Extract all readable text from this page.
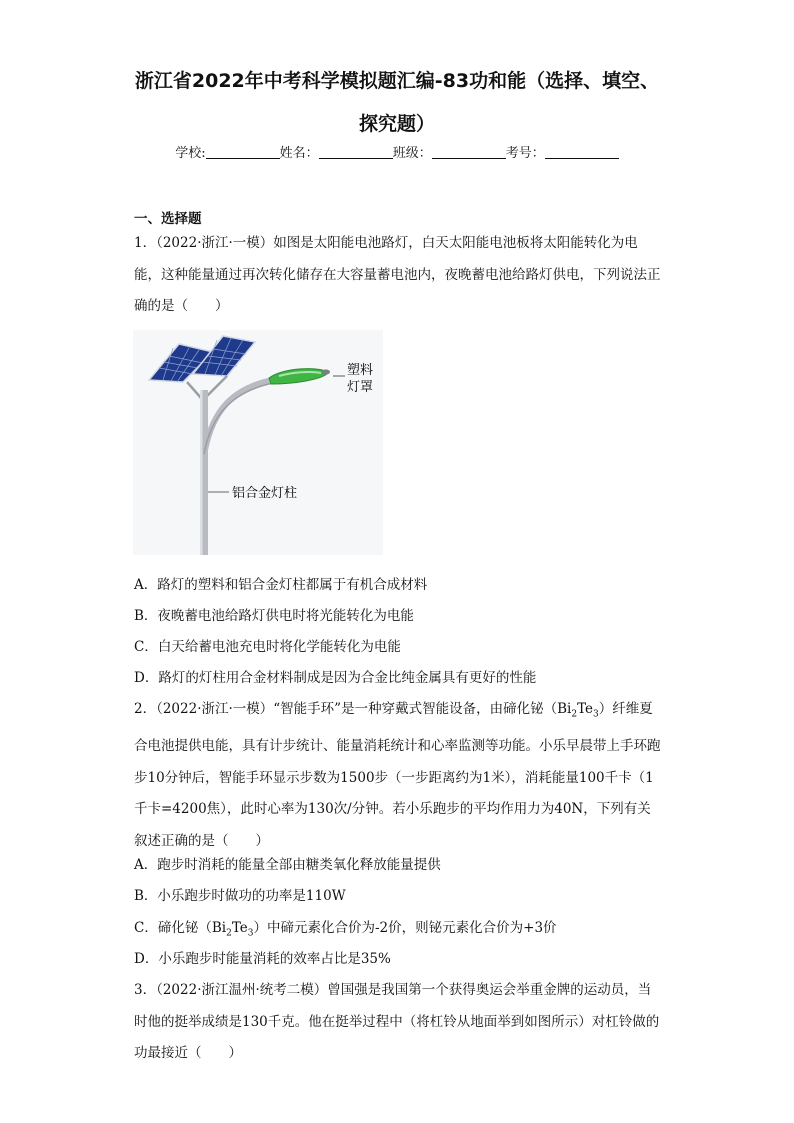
浙江省2022年中考科学模拟题汇编-83功和能（选择、填空、
探究题）
学校:	姓名：	班级：	考号：
一、选择题
1．（2022·浙江·一模）如图是太阳能电池路灯，白天太阳能电池板将太阳能转化为电能，这种能量通过再次转化储存在大容量蓄电池内，夜晚蓄电池给路灯供电，下列说法正确的是（　　）
塑料
灯罩
铝合金灯柱
A．路灯的塑料和铝合金灯柱都属于有机合成材料
B．夜晚蓄电池给路灯供电时将光能转化为电能
C．白天给蓄电池充电时将化学能转化为电能
D．路灯的灯柱用合金材料制成是因为合金比纯金属具有更好的性能
2．（2022·浙江·一模）“智能手环”是一种穿戴式智能设备，由碲化铋$(Bi_2Te_3)$纤维夏合电池提供电能，具有计步统计、能量消耗统计和心率监测等功能。小乐早晨带上手环跑步10分钟后，智能手环显示步数为1500步（一步距离约为1米），消耗能量100千卡（1千卡=4200焦），此时心率为130次/分钟。若小乐跑步的平均作用力为40N，下列有关叙述正确的是（　　）
A．跑步时消耗的能量全部由糖类氧化释放能量提供
B．小乐跑步时做功的功率是110W
C．碲化铋$(Bi_2Te_3)$中碲元素化合价为-2价，则铋元素化合价为+3价
D．小乐跑步时能量消耗的效率占比是35%
3．（2022·浙江温州·统考二模）曾国强是我国第一个获得奥运会举重金牌的运动员，当时他的挺举成绩是130千克。他在挺举过程中（将杠铃从地面举到如图所示）对杠铃做的功最接近（　　）
